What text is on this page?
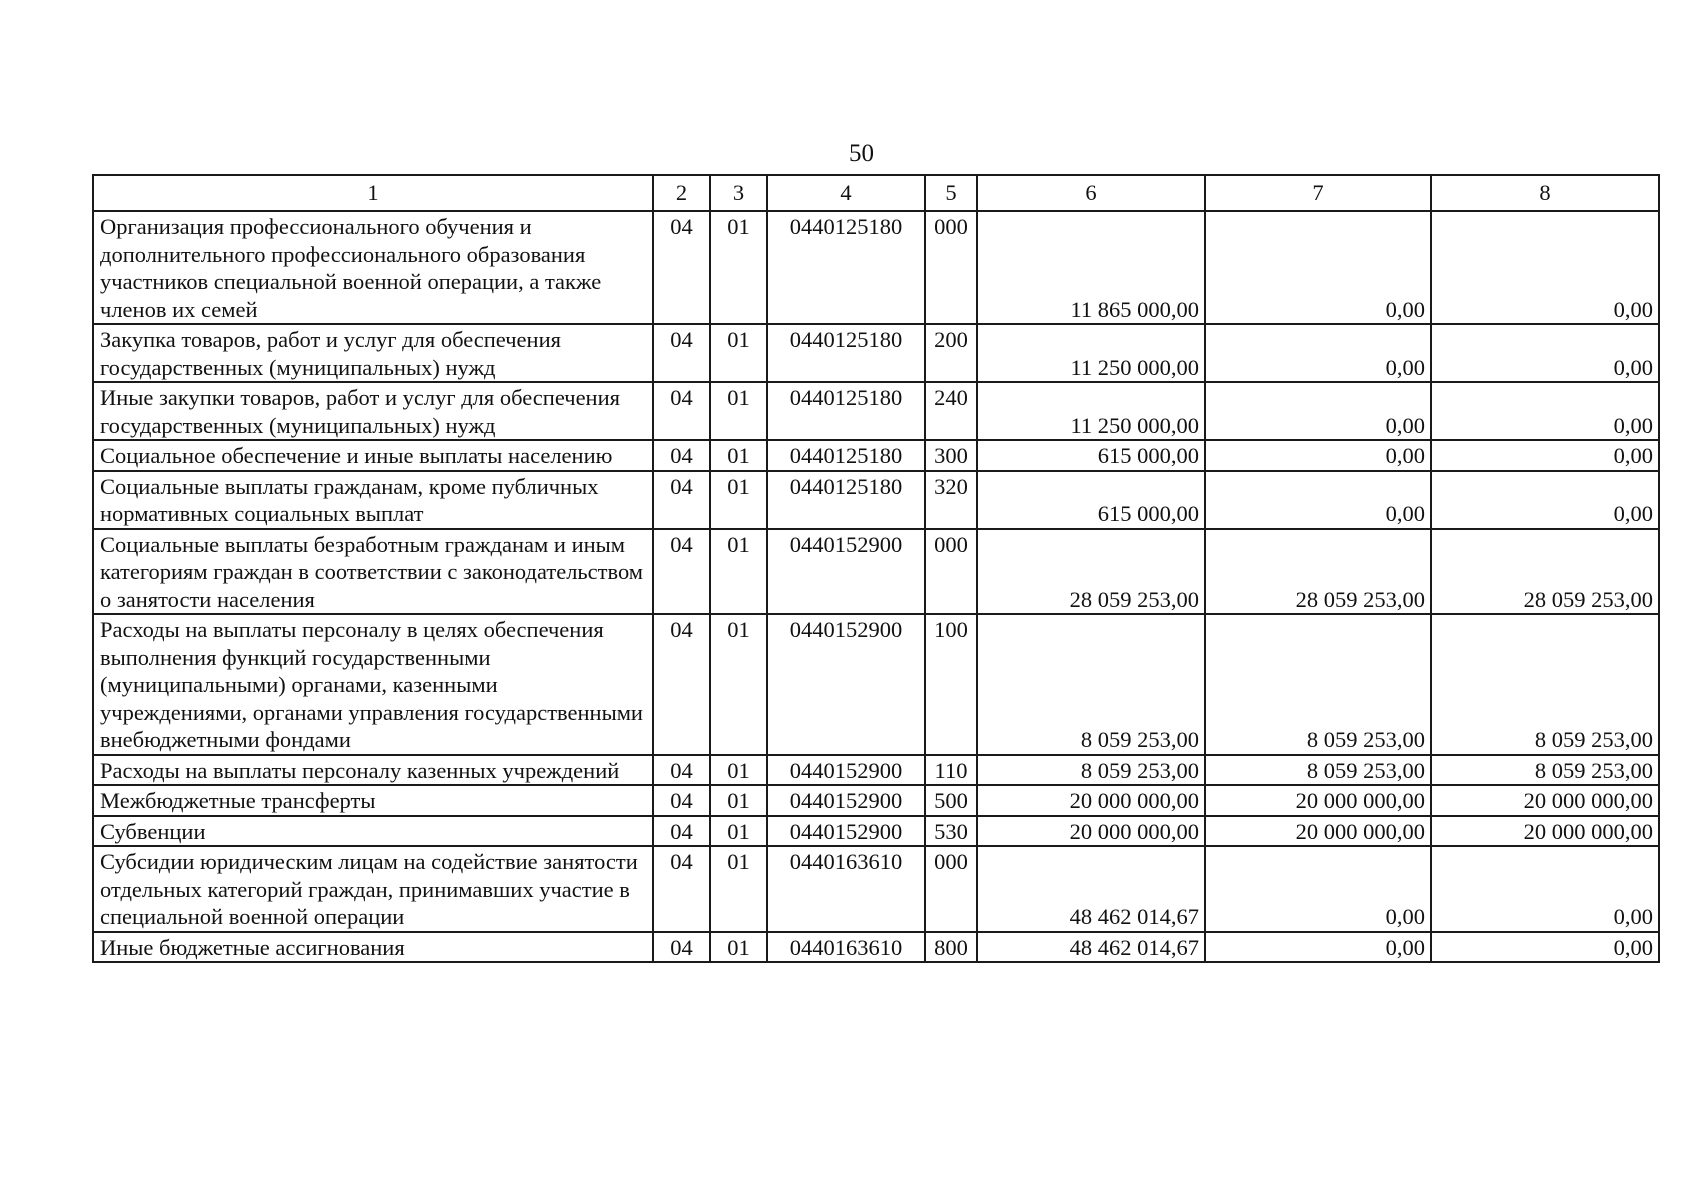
50
1	2	3	4	5	6	7	8
Организация профессионального обучения и дополнительного профессионального образования участников специальной военной операции, а также членов их семей	04	01	0440125180	000	11 865 000,00	0,00	0,00
Закупка товаров, работ и услуг для обеспечения государственных (муниципальных) нужд	04	01	0440125180	200	11 250 000,00	0,00	0,00
Иные закупки товаров, работ и услуг для обеспечения государственных (муниципальных) нужд	04	01	0440125180	240	11 250 000,00	0,00	0,00
Социальное обеспечение и иные выплаты населению	04	01	0440125180	300	615 000,00	0,00	0,00
Социальные выплаты гражданам, кроме публичных нормативных социальных выплат	04	01	0440125180	320	615 000,00	0,00	0,00
Социальные выплаты безработным гражданам и иным категориям граждан в соответствии с законодательством о занятости населения	04	01	0440152900	000	28 059 253,00	28 059 253,00	28 059 253,00
Расходы на выплаты персоналу в целях обеспечения выполнения функций государственными (муниципальными) органами, казенными учреждениями, органами управления государственными внебюджетными фондами	04	01	0440152900	100	8 059 253,00	8 059 253,00	8 059 253,00
Расходы на выплаты персоналу казенных учреждений	04	01	0440152900	110	8 059 253,00	8 059 253,00	8 059 253,00
Межбюджетные трансферты	04	01	0440152900	500	20 000 000,00	20 000 000,00	20 000 000,00
Субвенции	04	01	0440152900	530	20 000 000,00	20 000 000,00	20 000 000,00
Субсидии юридическим лицам на содействие занятости отдельных категорий граждан, принимавших участие в специальной военной операции	04	01	0440163610	000	48 462 014,67	0,00	0,00
Иные бюджетные ассигнования	04	01	0440163610	800	48 462 014,67	0,00	0,00
